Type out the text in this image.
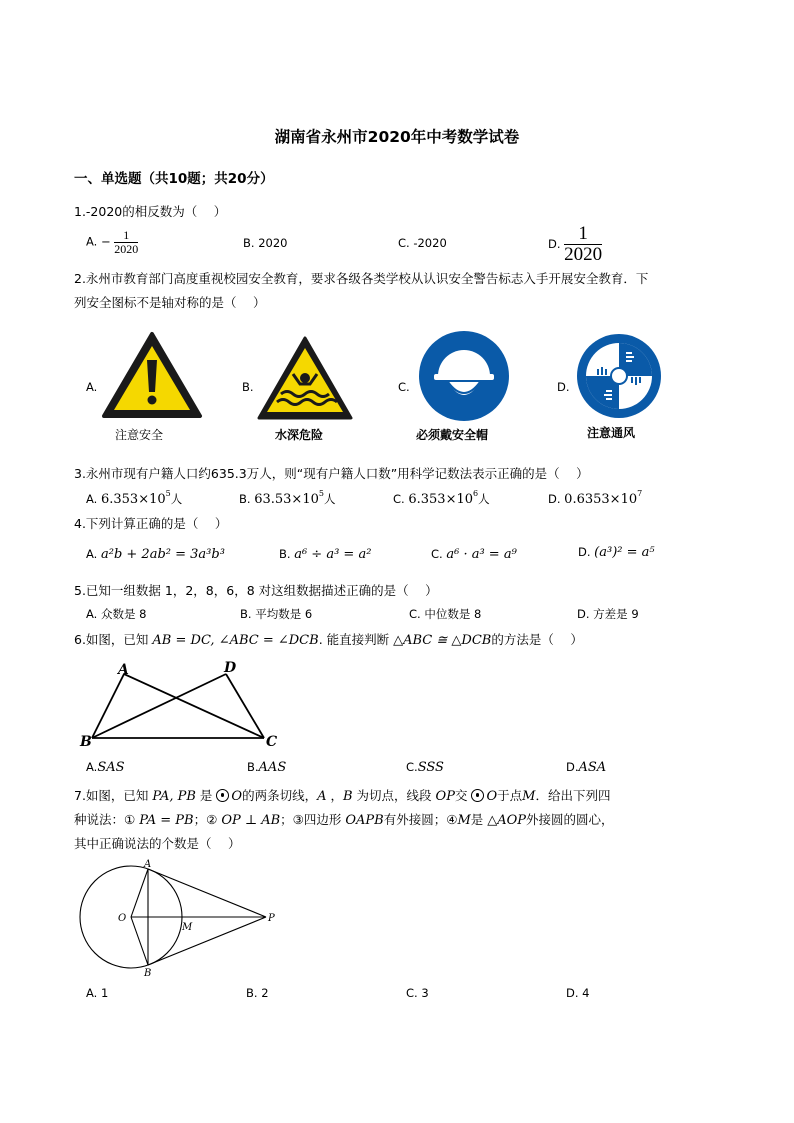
湖南省永州市2020年中考数学试卷
一、单选题（共10题；共20分）
1.-2020的相反数为（　 ）
A. − $\frac{1}{2020}$	B. 2020	C. -2020	D. $\frac{1}{2020}$
2.永州市教育部门高度重视校园安全教育，要求各级各类学校从认识安全警告标志入手开展安全教育．下
列安全图标不是轴对称的是（　 ）
A.
注意安全
B.
水深危险
C.
必须戴安全帽
D.
注意通风
3.永州市现有户籍人口约635.3万人，则“现有户籍人口数”用科学记数法表示正确的是（　 ）
A. $6.353\times 10^5$人	B. $63.53\times 10^5$人	C. $6.353\times 10^6$人	D. $0.6353\times 10^7$
4.下列计算正确的是（　 ）
A. a²b + 2ab² = 3a³b³	B. a⁶ ÷ a³ = a²	C. a⁶ · a³ = a⁹	D. (a³)² = a⁵
5.已知一组数据 1，2，8，6，8 对这组数据描述正确的是（　 ）
A. 众数是 8	B. 平均数是 6	C. 中位数是 8	D. 方差是 9
6.如图，已知 AB = DC, ∠ABC = ∠DCB. 能直接判断 △ABC ≅ △DCB的方法是（　 ）
A	D
B	C
A.SAS	B.AAS	C.SSS	D.ASA
7.如图，已知 PA, PB 是 O的两条切线，A ，B 为切点，线段 OP交 O于点M．给出下列四
种说法：① PA = PB；② OP ⊥ AB；③四边形 OAPB有外接圆；④M是 △AOP外接圆的圆心，
其中正确说法的个数是（　 ）
A
B
O
M
P
A. 1	B. 2	C. 3	D. 4
